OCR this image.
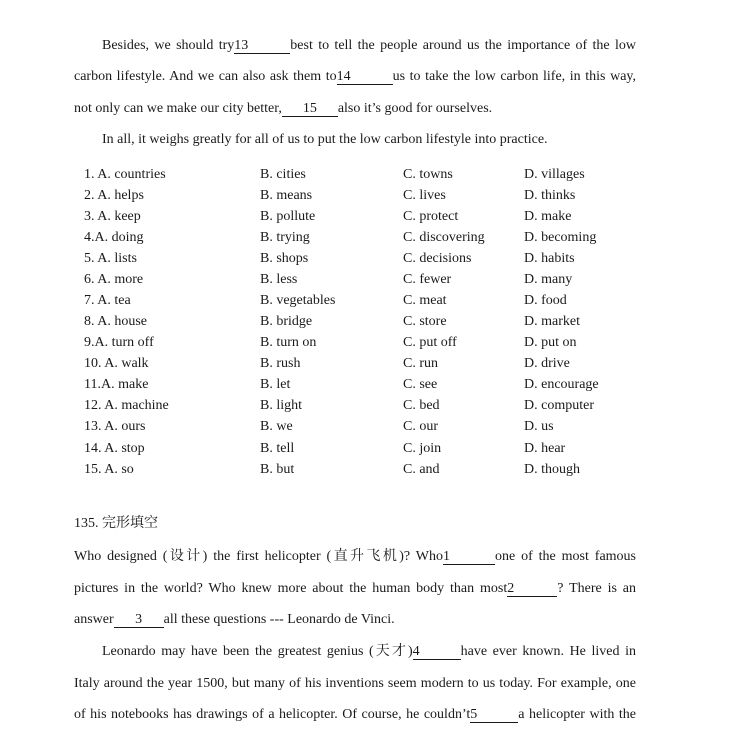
Besides, we should try13	best to tell the people around us the importance of the low
carbon lifestyle. And we can also ask them to14	us to take the low carbon life, in this way,
not only can we make our city better, 15 also it’s good for ourselves.
In all, it weighs greatly for all of us to put the low carbon lifestyle into practice.
1. A. countries	B. cities	C. towns	D. villages
2. A. helps	B. means	C. lives	D. thinks
3. A. keep	B. pollute	C. protect	D. make
4.A. doing	B. trying	C. discovering	D. becoming
5. A. lists	B. shops	C. decisions	D. habits
6. A. more	B. less	C. fewer	D. many
7. A. tea	B. vegetables	C. meat	D. food
8. A. house	B. bridge	C. store	D. market
9.A. turn off	B. turn on	C. put off	D. put on
10. A. walk	B. rush	C. run	D. drive
11.A. make	B. let	C. see	D. encourage
12. A. machine	B. light	C. bed	D. computer
13. A. ours	B. we	C. our	D. us
14. A. stop	B. tell	C. join	D. hear
15. A. so	B. but	C. and	D. though
135. 完形填空
Who designed (设计) the first helicopter (直升飞机)? Who1	one of the most famous
pictures in the world? Who knew more about the human body than most2	? There is an
answer 3 all these questions --- Leonardo de Vinci.
Leonardo may have been the greatest genius (天才)4	have ever known. He lived in
Italy around the year 1500, but many of his inventions seem modern to us today. For example, one
of his notebooks has drawings of a helicopter. Of course, he couldn’t5	a helicopter with the
